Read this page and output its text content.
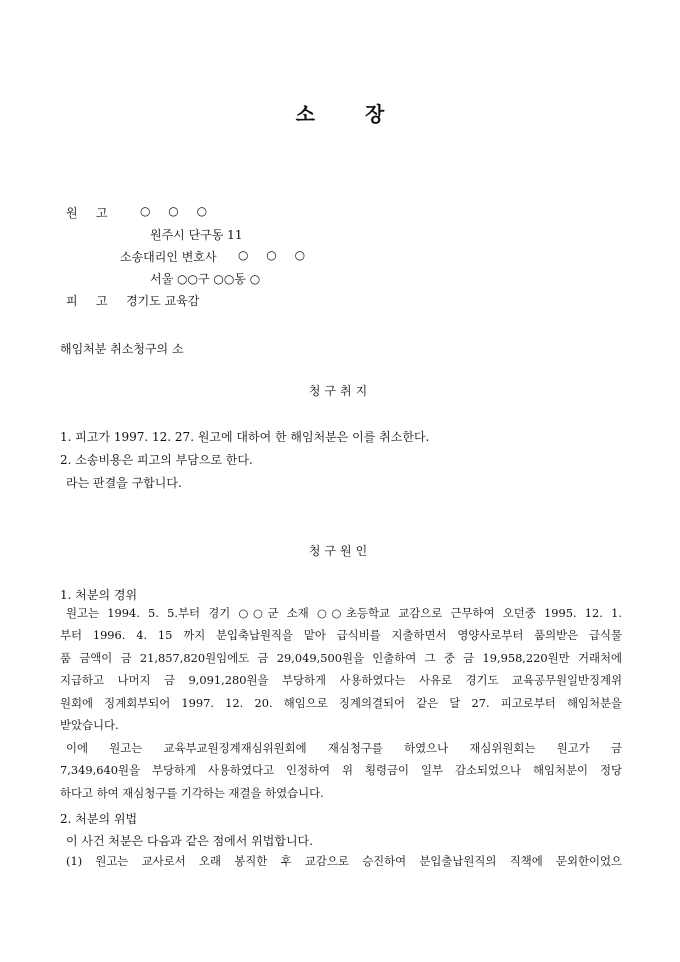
소	장
원 고	○ ○ ○
원주시 단구동 11
소송대리인 변호사 ○ ○ ○
서울 ○○구 ○○동 ○
피 고 경기도 교육감
해임처분 취소청구의 소
청구취지
1. 피고가 1997. 12. 27. 원고에 대하여 한 해임처분은 이를 취소한다.
2. 소송비용은 피고의 부담으로 한다.
라는 판결을 구합니다.
청구원인
1. 처분의 경위
원고는 1994. 5. 5.부터 경기 ○○군 소재 ○○초등학교 교감으로 근무하여 오던중 1995. 12. 1.
부터 1996. 4. 15 까지 분입축납원직을 맡아 급식비를 지출하면서 영양사로부터 품의받은 급식물
품 금액이 금 21,857,820원임에도 금 29,049,500원을 인출하여 그 중 금 19,958,220원만 거래처에
지급하고 나머지 금 9,091,280원을 부당하게 사용하였다는 사유로 경기도 교육공무원일반징계위
원회에 징계회부되어 1997. 12. 20. 해임으로 징계의결되어 같은 달 27. 피고로부터 해임처분을
받았습니다.
이에 원고는 교육부교원징계재심위원회에 재심청구를 하였으나 재심위원회는 원고가 금
7,349,640원을 부당하게 사용하였다고 인정하여 위 횡령금이 일부 감소되었으나 해임처분이 정당
하다고 하여 재심청구를 기각하는 재결을 하였습니다.
2. 처분의 위법
이 사건 처분은 다음과 같은 점에서 위법합니다.
(1) 원고는 교사로서 오래 봉직한 후 교감으로 승진하여 분입출납원직의 직책에 문외한이었으
